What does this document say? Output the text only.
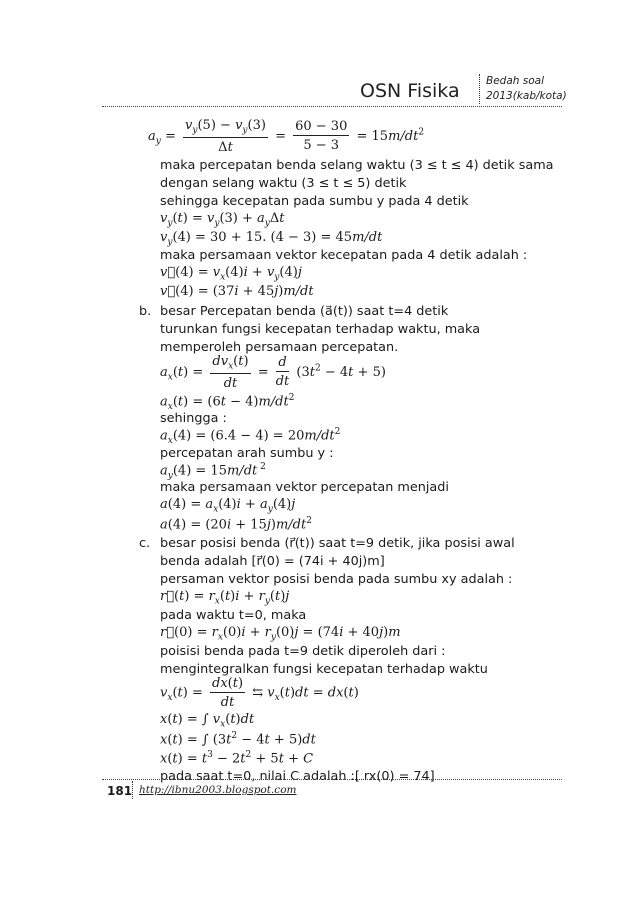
OSN Fisika	Bedah soal
2013(kab/kota)
$a_y = \frac{v_y(5) - v_y(3)}{\Delta t} = \frac{60 - 30}{5 - 3} = 15m/dt^2$
maka percepatan benda selang waktu (3 ≤ t ≤ 4) detik sama
dengan selang waktu (3 ≤ t ≤ 5) detik
sehingga kecepatan pada sumbu y pada 4 detik
$v_y(t) = v_y(3) + a_y\Delta t$
$v_y(4) = 30 + 15$. (4 − 3) = 45m/dt
maka persamaan vektor kecepatan pada 4 detik adalah :
v⃗(4) = $v_x(4)i + v_y(4)j$
v⃗(4) = (37i + 45j)m/dt
b. besar Percepatan benda (a⃗(t)) saat t=4 detik
turunkan fungsi kecepatan terhadap waktu, maka
memperoleh persamaan percepatan.
$a_x(t) = \frac{dv_x(t)}{dt} = \frac{d}{dt} (3t^2 - 4t + 5)$
$a_x(t) = (6t - 4)m/dt^2$
sehingga :
$a_x(4) = (6.4 - 4) = 20m/dt^2$
percepatan arah sumbu y :
$a_y(4) = 15m/dt$ $^2$
maka persamaan vektor percepatan menjadi
$a(4) = a_x(4)i + a_y(4)j$
$a(4) = (20i + 15j)m/dt^2$
c. besar posisi benda (r⃗(t)) saat t=9 detik, jika posisi awal
benda adalah [r⃗(0) = (74i + 40j)m]
persaman vektor posisi benda pada sumbu xy adalah :
r⃗(t) = $r_x(t)i + r_y(t)j$
pada waktu t=0, maka
r⃗(0) = $r_x(0)i + r_y(0)j = (74i + 40j)m$
poisisi benda pada t=9 detik diperoleh dari :
mengintegralkan fungsi kecepatan terhadap waktu
$v_x(t) = \frac{dx(t)}{dt}$ ⇆ $v_x(t)dt = dx(t)$
x(t) = ∫ $v_x(t)dt$
x(t) = ∫ $(3t^2 - 4t + 5)dt$
$x(t) = t^3 - 2t^2 + 5t + C$
pada saat t=0, nilai C adalah :[ rx(0) = 74]
181 http://ibnu2003.blogspot.com
